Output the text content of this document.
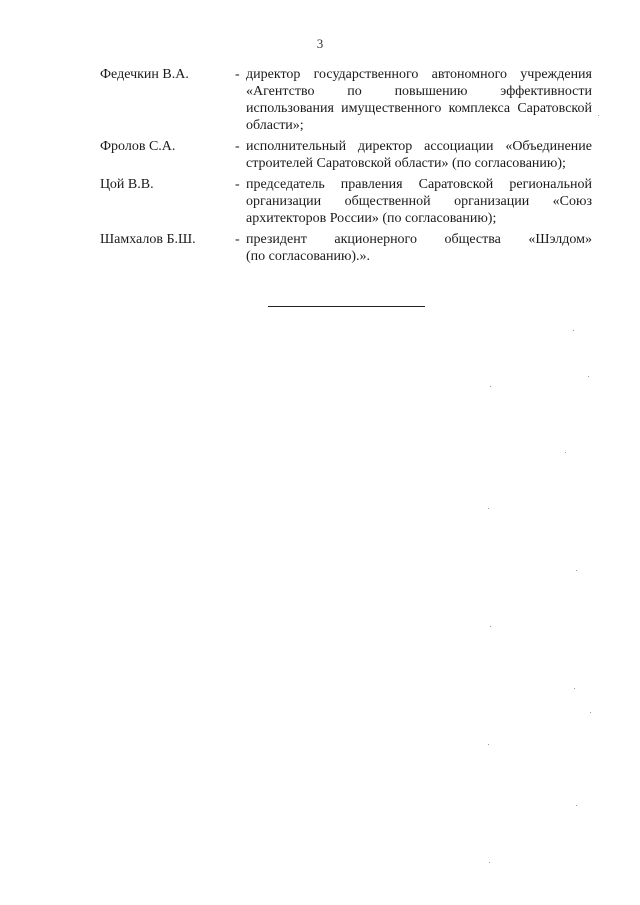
3
Федечкин В.А.	- директор государственного автономного учреждения
«Агентство по повышению эффективности
использования имущественного комплекса Саратовской
области»;
Фролов С.А.	- исполнительный директор ассоциации «Объединение
строителей Саратовской области» (по согласованию);
Цой В.В.	- председатель правления Саратовской региональной
организации общественной организации «Союз
архитекторов России» (по согласованию);
Шамхалов Б.Ш.	- президент акционерного общества «Шэлдом»
(по согласованию).».
